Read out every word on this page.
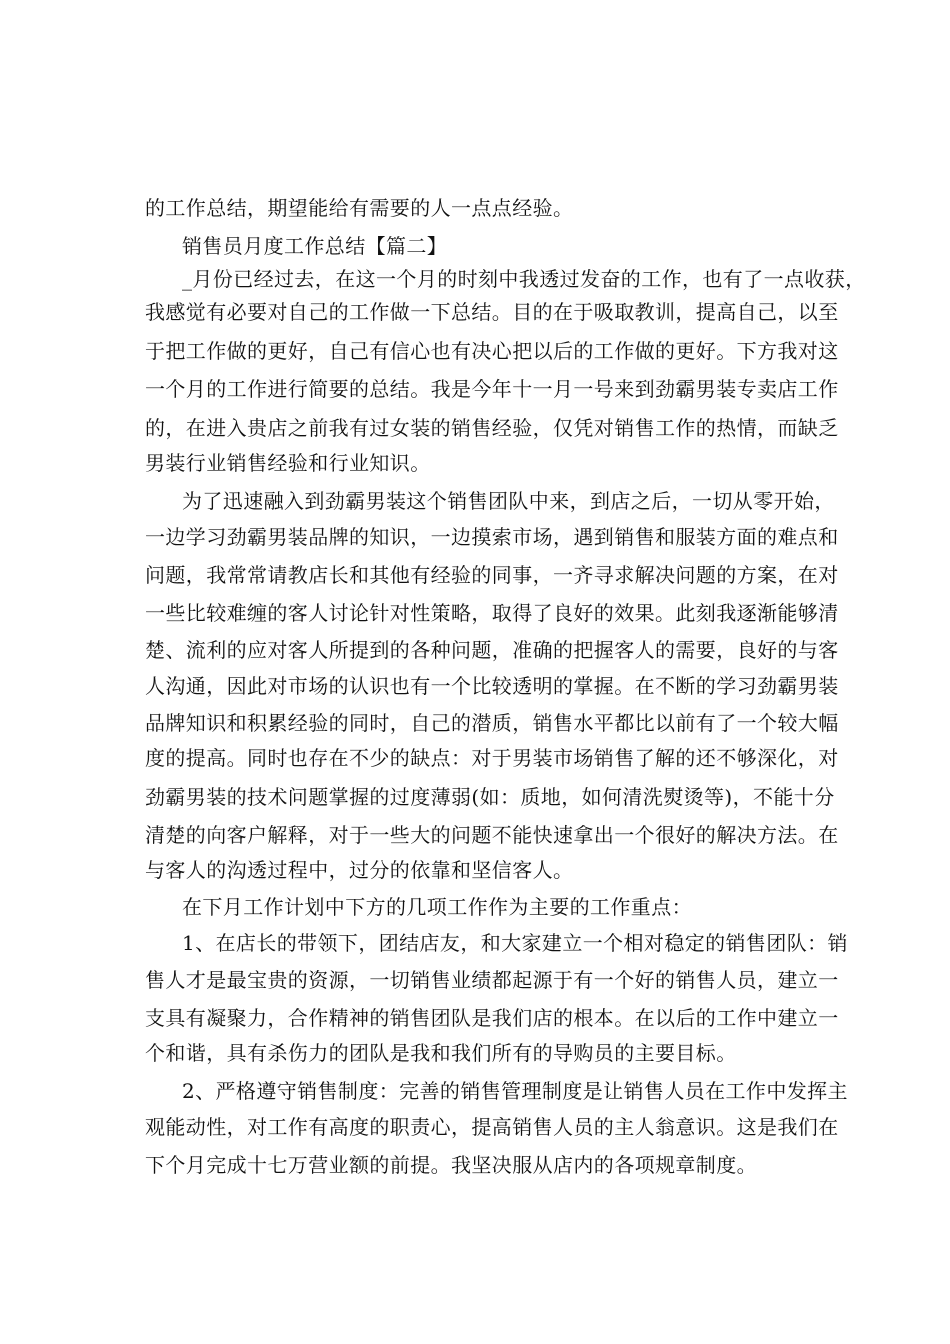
的工作总结，期望能给有需要的人一点点经验。
销售员月度工作总结【篇二】
_月份已经过去，在这一个月的时刻中我透过发奋的工作，也有了一点收获，
我感觉有必要对自己的工作做一下总结。目的在于吸取教训，提高自己，以至
于把工作做的更好，自己有信心也有决心把以后的工作做的更好。下方我对这
一个月的工作进行简要的总结。我是今年十一月一号来到劲霸男装专卖店工作
的，在进入贵店之前我有过女装的销售经验，仅凭对销售工作的热情，而缺乏
男装行业销售经验和行业知识。
为了迅速融入到劲霸男装这个销售团队中来，到店之后，一切从零开始，
一边学习劲霸男装品牌的知识，一边摸索市场，遇到销售和服装方面的难点和
问题，我常常请教店长和其他有经验的同事，一齐寻求解决问题的方案，在对
一些比较难缠的客人讨论针对性策略，取得了良好的效果。此刻我逐渐能够清
楚、流利的应对客人所提到的各种问题，准确的把握客人的需要，良好的与客
人沟通，因此对市场的认识也有一个比较透明的掌握。在不断的学习劲霸男装
品牌知识和积累经验的同时，自己的潜质，销售水平都比以前有了一个较大幅
度的提高。同时也存在不少的缺点：对于男装市场销售了解的还不够深化，对
劲霸男装的技术问题掌握的过度薄弱(如：质地，如何清洗熨烫等)，不能十分
清楚的向客户解释，对于一些大的问题不能快速拿出一个很好的解决方法。在
与客人的沟透过程中，过分的依靠和坚信客人。
在下月工作计划中下方的几项工作作为主要的工作重点：
1、在店长的带领下，团结店友，和大家建立一个相对稳定的销售团队：销
售人才是最宝贵的资源，一切销售业绩都起源于有一个好的销售人员，建立一
支具有凝聚力，合作精神的销售团队是我们店的根本。在以后的工作中建立一
个和谐，具有杀伤力的团队是我和我们所有的导购员的主要目标。
2、严格遵守销售制度：完善的销售管理制度是让销售人员在工作中发挥主
观能动性，对工作有高度的职责心，提高销售人员的主人翁意识。这是我们在
下个月完成十七万营业额的前提。我坚决服从店内的各项规章制度。
